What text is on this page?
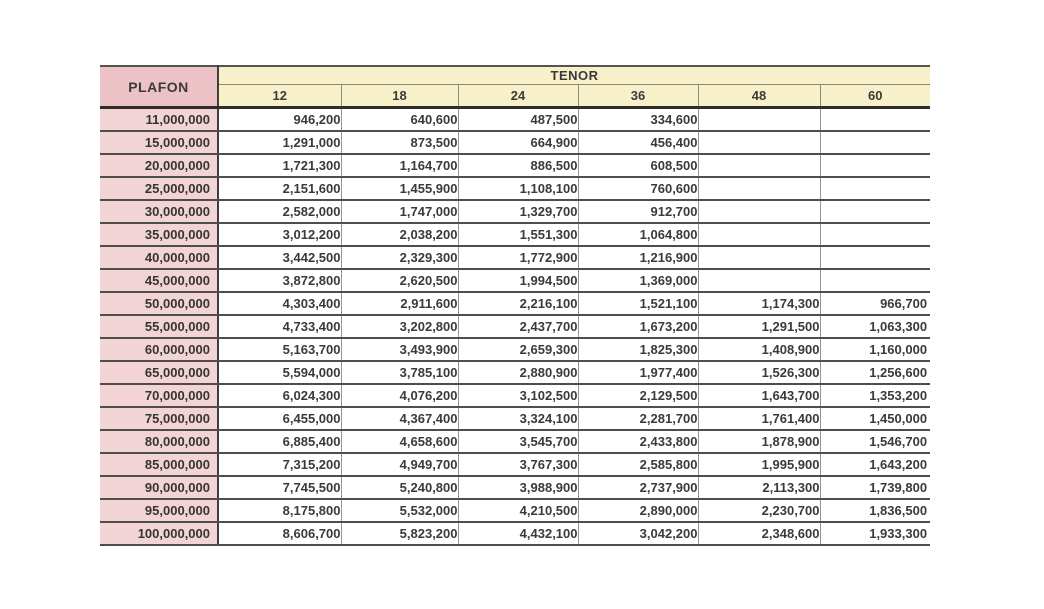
PLAFON	TENOR					
	12	18	24	36	48	60
11,000,000	946,200	640,600	487,500	334,600		
15,000,000	1,291,000	873,500	664,900	456,400		
20,000,000	1,721,300	1,164,700	886,500	608,500		
25,000,000	2,151,600	1,455,900	1,108,100	760,600		
30,000,000	2,582,000	1,747,000	1,329,700	912,700		
35,000,000	3,012,200	2,038,200	1,551,300	1,064,800		
40,000,000	3,442,500	2,329,300	1,772,900	1,216,900		
45,000,000	3,872,800	2,620,500	1,994,500	1,369,000		
50,000,000	4,303,400	2,911,600	2,216,100	1,521,100	1,174,300	966,700
55,000,000	4,733,400	3,202,800	2,437,700	1,673,200	1,291,500	1,063,300
60,000,000	5,163,700	3,493,900	2,659,300	1,825,300	1,408,900	1,160,000
65,000,000	5,594,000	3,785,100	2,880,900	1,977,400	1,526,300	1,256,600
70,000,000	6,024,300	4,076,200	3,102,500	2,129,500	1,643,700	1,353,200
75,000,000	6,455,000	4,367,400	3,324,100	2,281,700	1,761,400	1,450,000
80,000,000	6,885,400	4,658,600	3,545,700	2,433,800	1,878,900	1,546,700
85,000,000	7,315,200	4,949,700	3,767,300	2,585,800	1,995,900	1,643,200
90,000,000	7,745,500	5,240,800	3,988,900	2,737,900	2,113,300	1,739,800
95,000,000	8,175,800	5,532,000	4,210,500	2,890,000	2,230,700	1,836,500
100,000,000	8,606,700	5,823,200	4,432,100	3,042,200	2,348,600	1,933,300
